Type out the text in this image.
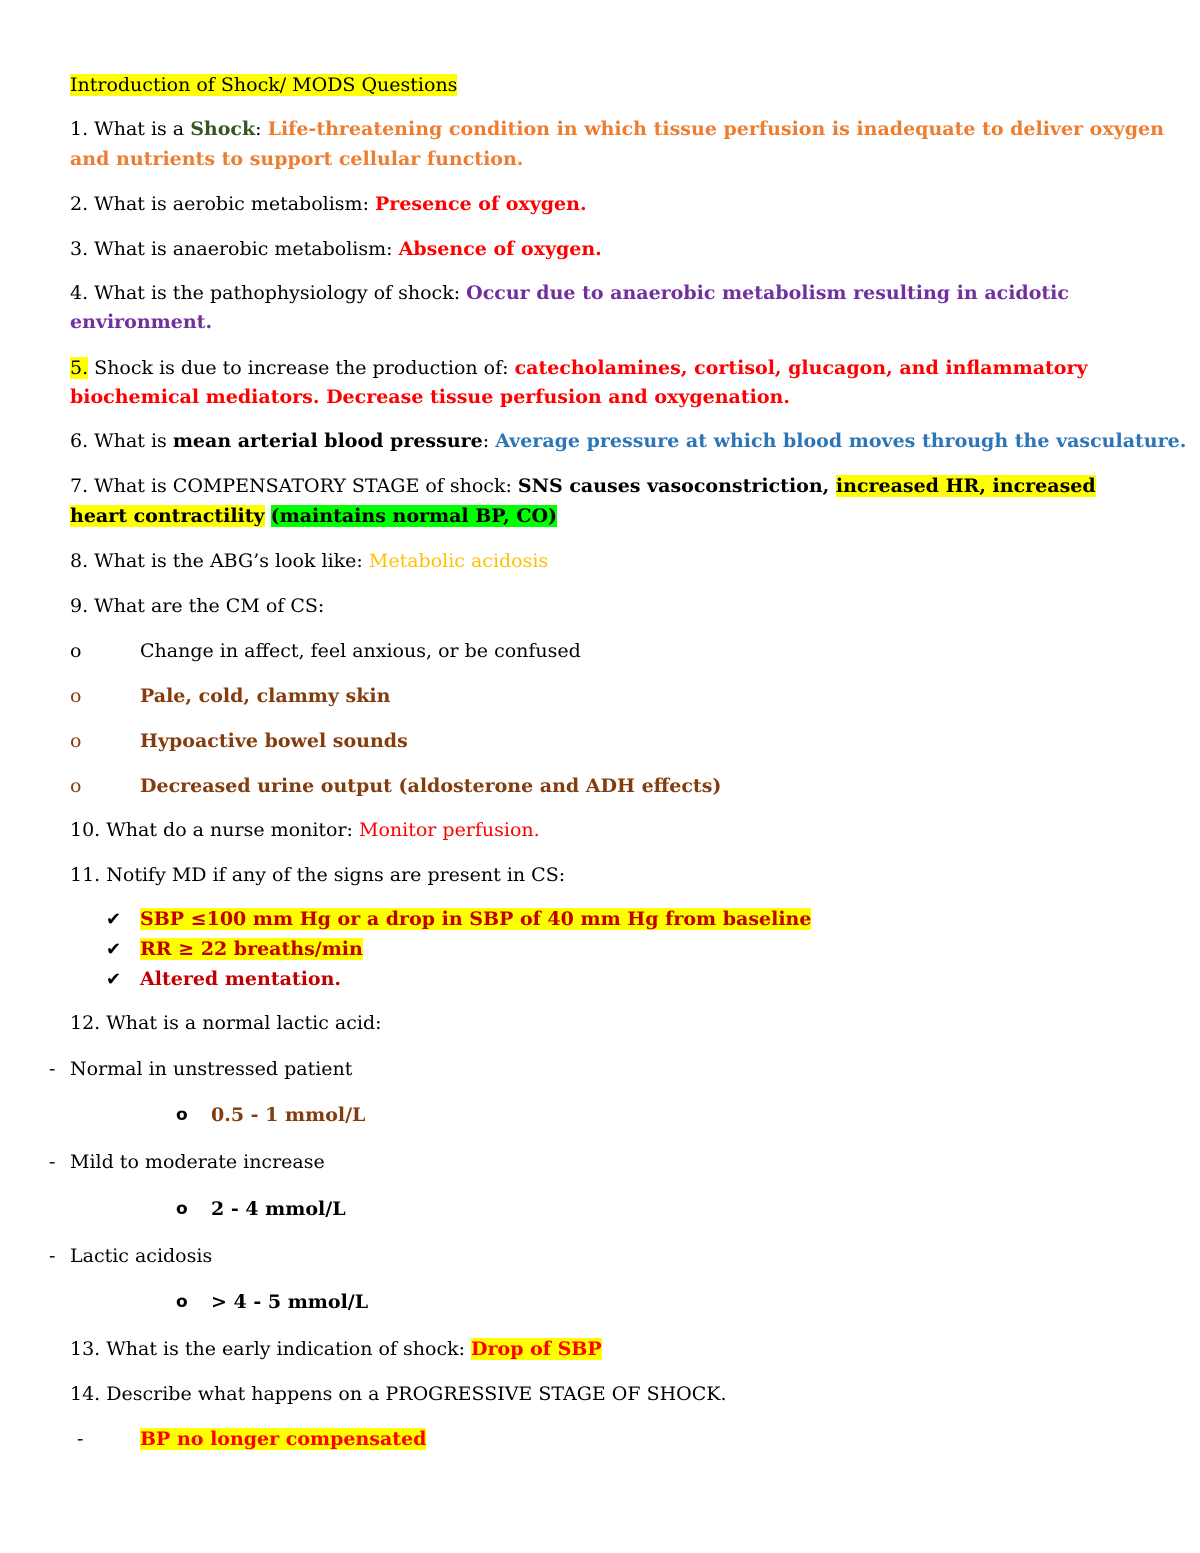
Introduction of Shock/ MODS Questions
1. What is a Shock: Life-threatening condition in which tissue perfusion is inadequate to deliver oxygen
and nutrients to support cellular function.
2. What is aerobic metabolism: Presence of oxygen.
3. What is anaerobic metabolism: Absence of oxygen.
4. What is the pathophysiology of shock: Occur due to anaerobic metabolism resulting in acidotic
environment.
5. Shock is due to increase the production of: catecholamines, cortisol, glucagon, and inflammatory
biochemical mediators. Decrease tissue perfusion and oxygenation.
6. What is mean arterial blood pressure: Average pressure at which blood moves through the vasculature.
7. What is COMPENSATORY STAGE of shock: SNS causes vasoconstriction, increased HR, increased
heart contractility (maintains normal BP, CO)
8. What is the ABG’s look like: Metabolic acidosis
9. What are the CM of CS:
o	Change in affect, feel anxious, or be confused
o	Pale, cold, clammy skin
o	Hypoactive bowel sounds
o	Decreased urine output (aldosterone and ADH effects)
10. What do a nurse monitor: Monitor perfusion.
11. Notify MD if any of the signs are present in CS:
✔ SBP ≤100 mm Hg or a drop in SBP of 40 mm Hg from baseline
✔ RR ≥ 22 breaths/min
✔ Altered mentation.
12. What is a normal lactic acid:
- Normal in unstressed patient
o 0.5 - 1 mmol/L
- Mild to moderate increase
o 2 - 4 mmol/L
- Lactic acidosis
o > 4 - 5 mmol/L
13. What is the early indication of shock: Drop of SBP
14. Describe what happens on a PROGRESSIVE STAGE OF SHOCK.
-	BP no longer compensated
